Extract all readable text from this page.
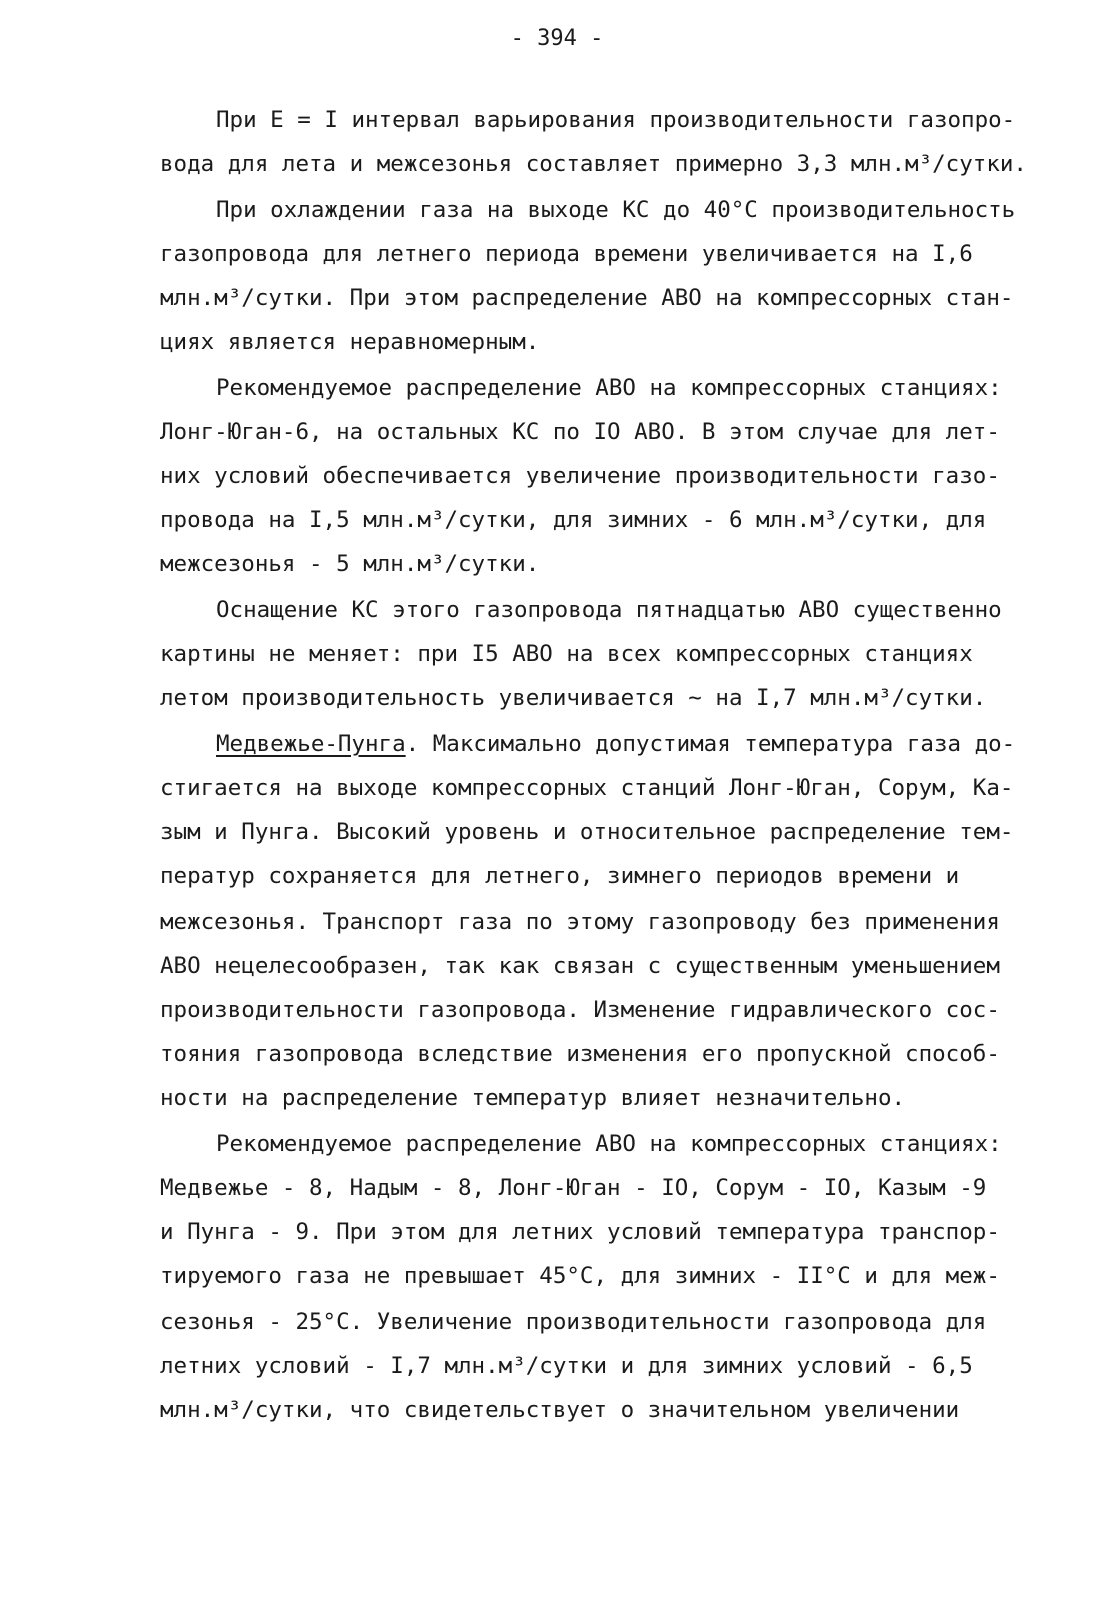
- 394 -
При Е = I интервал варьирования производительности газопро-
вода для лета и межсезонья составляет примерно 3,3 млн.м³/сутки.
При охлаждении газа на выходе КС до 40°С производительность
газопровода для летнего периода времени увеличивается на I,6
млн.м³/сутки. При этом распределение АВО на компрессорных стан-
циях является неравномерным.
Рекомендуемое распределение АВО на компрессорных станциях:
Лонг-Юган-6, на остальных КС по IO АВО. В этом случае для лет-
них условий обеспечивается увеличение производительности газо-
провода на I,5 млн.м³/сутки, для зимних - 6 млн.м³/сутки, для
межсезонья - 5 млн.м³/сутки.
Оснащение КС этого газопровода пятнадцатью АВО существенно
картины не меняет: при I5 АВО на всех компрессорных станциях
летом производительность увеличивается ~ на I,7 млн.м³/сутки.
Медвежье-Пунга. Максимально допустимая температура газа до-
стигается на выходе компрессорных станций Лонг-Юган, Сорум, Ка-
зым и Пунга. Высокий уровень и относительное распределение тем-
ператур сохраняется для летнего, зимнего периодов времени и
межсезонья. Транспорт газа по этому газопроводу без применения
АВО нецелесообразен, так как связан с существенным уменьшением
производительности газопровода. Изменение гидравлического сос-
тояния газопровода вследствие изменения его пропускной способ-
ности на распределение температур влияет незначительно.
Рекомендуемое распределение АВО на компрессорных станциях:
Медвежье - 8, Надым - 8, Лонг-Юган - IO, Сорум - IO, Казым -9
и Пунга - 9. При этом для летних условий температура транспор-
тируемого газа не превышает 45°С, для зимних - II°С и для меж-
сезонья - 25°С. Увеличение производительности газопровода для
летних условий - I,7 млн.м³/сутки и для зимних условий - 6,5
млн.м³/сутки, что свидетельствует о значительном увеличении
